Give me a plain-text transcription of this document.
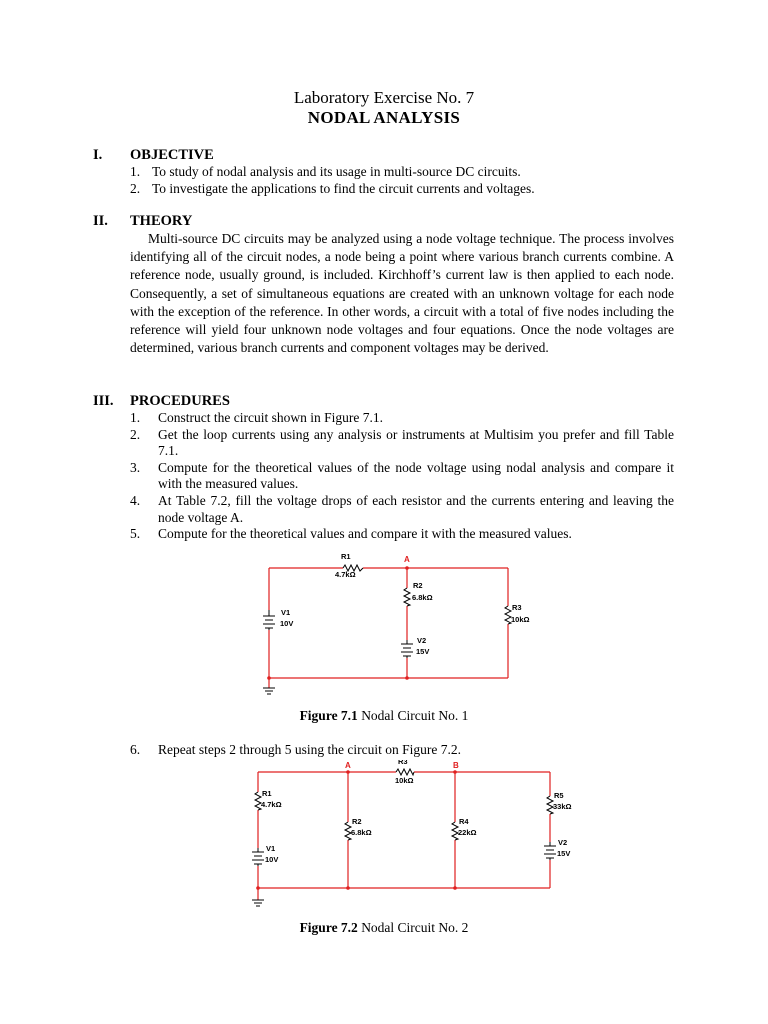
Laboratory Exercise No. 7
NODAL ANALYSIS
I. OBJECTIVE
1. To study of nodal analysis and its usage in multi-source DC circuits.
2. To investigate the applications to find the circuit currents and voltages.
II. THEORY
Multi-source DC circuits may be analyzed using a node voltage technique. The process involves identifying all of the circuit nodes, a node being a point where various branch currents combine. A reference node, usually ground, is included. Kirchhoff’s current law is then applied to each node. Consequently, a set of simultaneous equations are created with an unknown voltage for each node with the exception of the reference. In other words, a circuit with a total of five nodes including the reference will yield four unknown node voltages and four equations. Once the node voltages are determined, various branch currents and component voltages may be derived.
III. PROCEDURES
1. Construct the circuit shown in Figure 7.1.
2. Get the loop currents using any analysis or instruments at Multisim you prefer and fill Table 7.1.
3. Compute for the theoretical values of the node voltage using nodal analysis and compare it with the measured values.
4. At Table 7.2, fill the voltage drops of each resistor and the currents entering and leaving the node voltage A.
5. Compute for the theoretical values and compare it with the measured values.
R1
4.7kΩ
A
R2
6.8kΩ
R3
10kΩ
V1
10V
V2
15V
Figure 7.1 Nodal Circuit No. 1
6. Repeat steps 2 through 5 using the circuit on Figure 7.2.
A	B
R3
10kΩ
R1
4.7kΩ
R2
6.8kΩ
R4
22kΩ
R5
33kΩ
V1
10V
V2
15V
Figure 7.2 Nodal Circuit No. 2
